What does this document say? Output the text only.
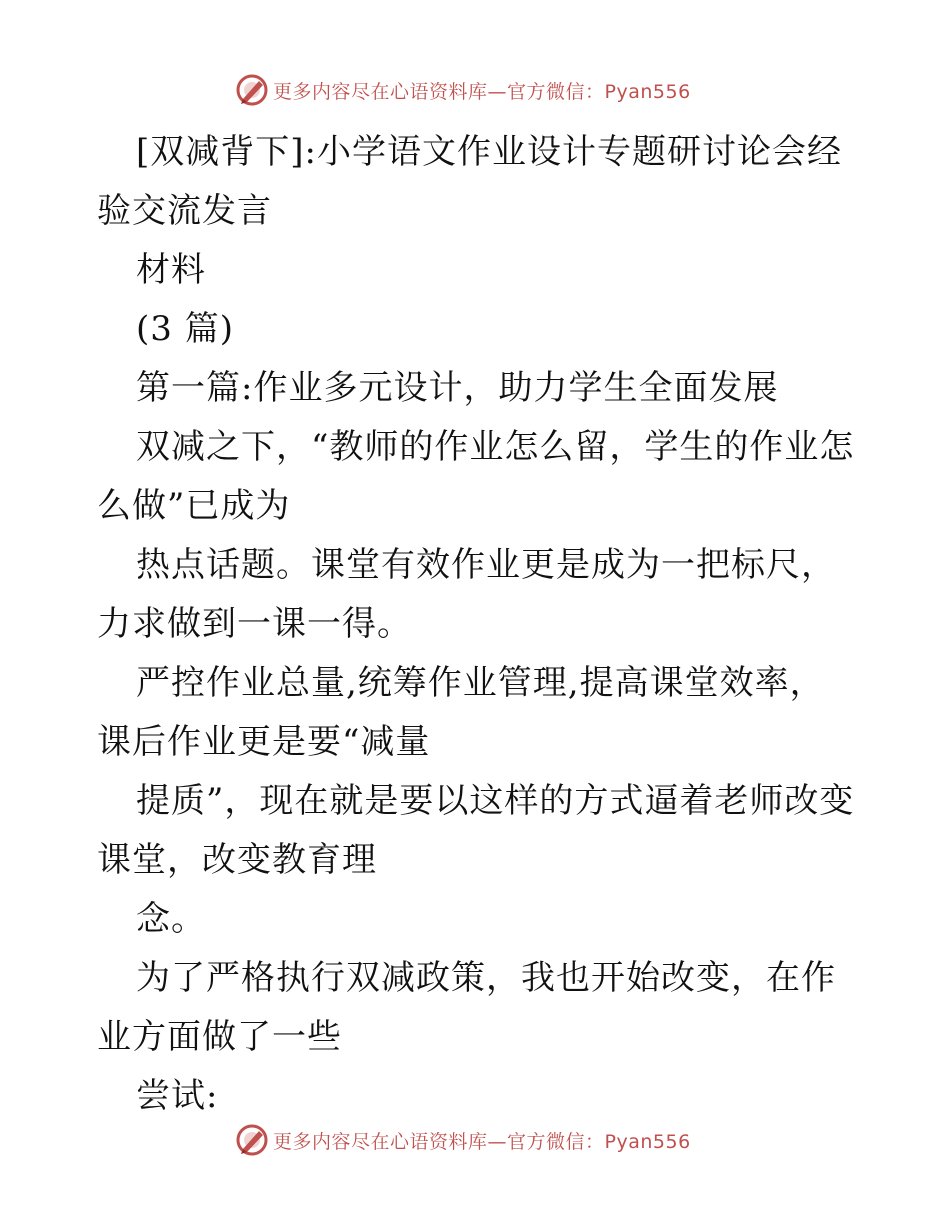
更多内容尽在心语资料库—官方微信：Pyan556

[双减背下]:小学语文作业设计专题研讨论会经验交流发言

材料

(3 篇)

第一篇:作业多元设计，助力学生全面发展

双减之下，“教师的作业怎么留，学生的作业怎么做”已成为

热点话题。课堂有效作业更是成为一把标尺，力求做到一课一得。

严控作业总量,统筹作业管理,提高课堂效率，课后作业更是要“减量

提质”，现在就是要以这样的方式逼着老师改变课堂，改变教育理

念。

为了严格执行双减政策，我也开始改变，在作业方面做了一些

尝试:

更多内容尽在心语资料库—官方微信：Pyan556
